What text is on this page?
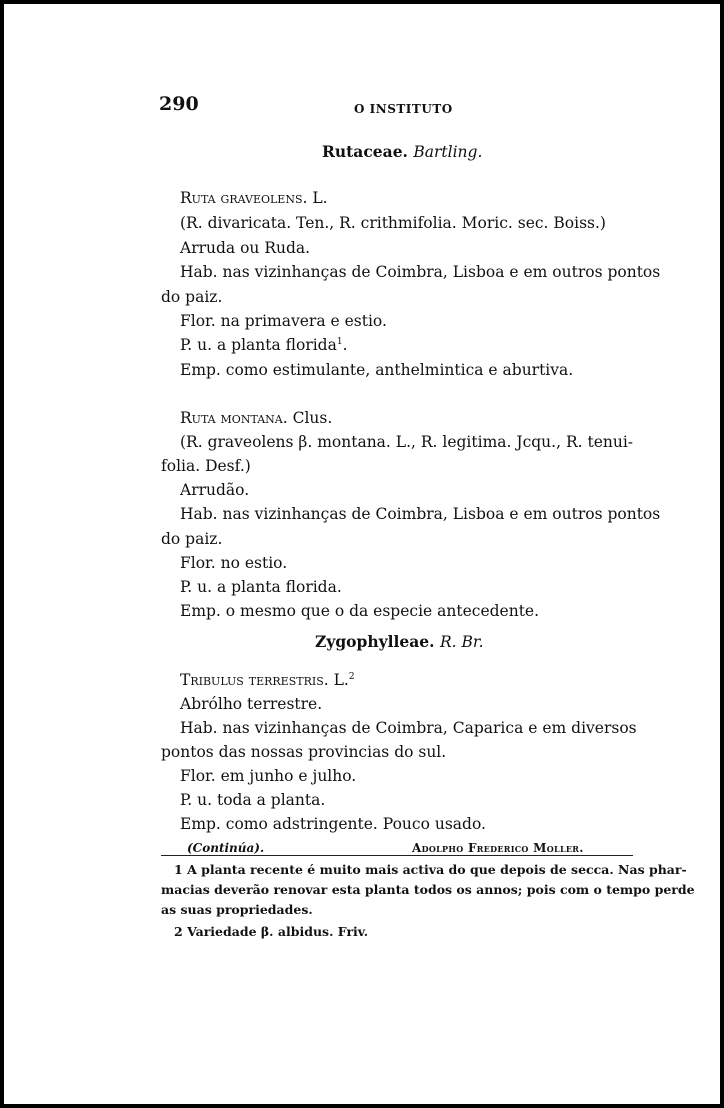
290	O INSTITUTO
Rutaceae. Bartling.
Ruta graveolens. L.
(R. divaricata. Ten., R. crithmifolia. Moric. sec. Boiss.)
Arruda ou Ruda.
Hab. nas vizinhanças de Coimbra, Lisboa e em outros pontos
do paiz.
Flor. na primavera e estio.
P. u. a planta florida$^1$.
Emp. como estimulante, anthelmintica e aburtiva.
Ruta montana. Clus.
(R. graveolens β. montana. L., R. legitima. Jcqu., R. tenui-
folia. Desf.)
Arrudão.
Hab. nas vizinhanças de Coimbra, Lisboa e em outros pontos
do paiz.
Flor. no estio.
P. u. a planta florida.
Emp. o mesmo que o da especie antecedente.
Zygophylleae. R. Br.
Tribulus terrestris. L.$^2$
Abrólho terrestre.
Hab. nas vizinhanças de Coimbra, Caparica e em diversos
pontos das nossas provincias do sul.
Flor. em junho e julho.
P. u. toda a planta.
Emp. como adstringente. Pouco usado.
(Continúa).	Adolpho Frederico Moller.
1 A planta recente é muito mais activa do que depois de secca. Nas phar-
macias deverão renovar esta planta todos os annos; pois com o tempo perde
as suas propriedades.
2 Variedade β. albidus. Friv.
